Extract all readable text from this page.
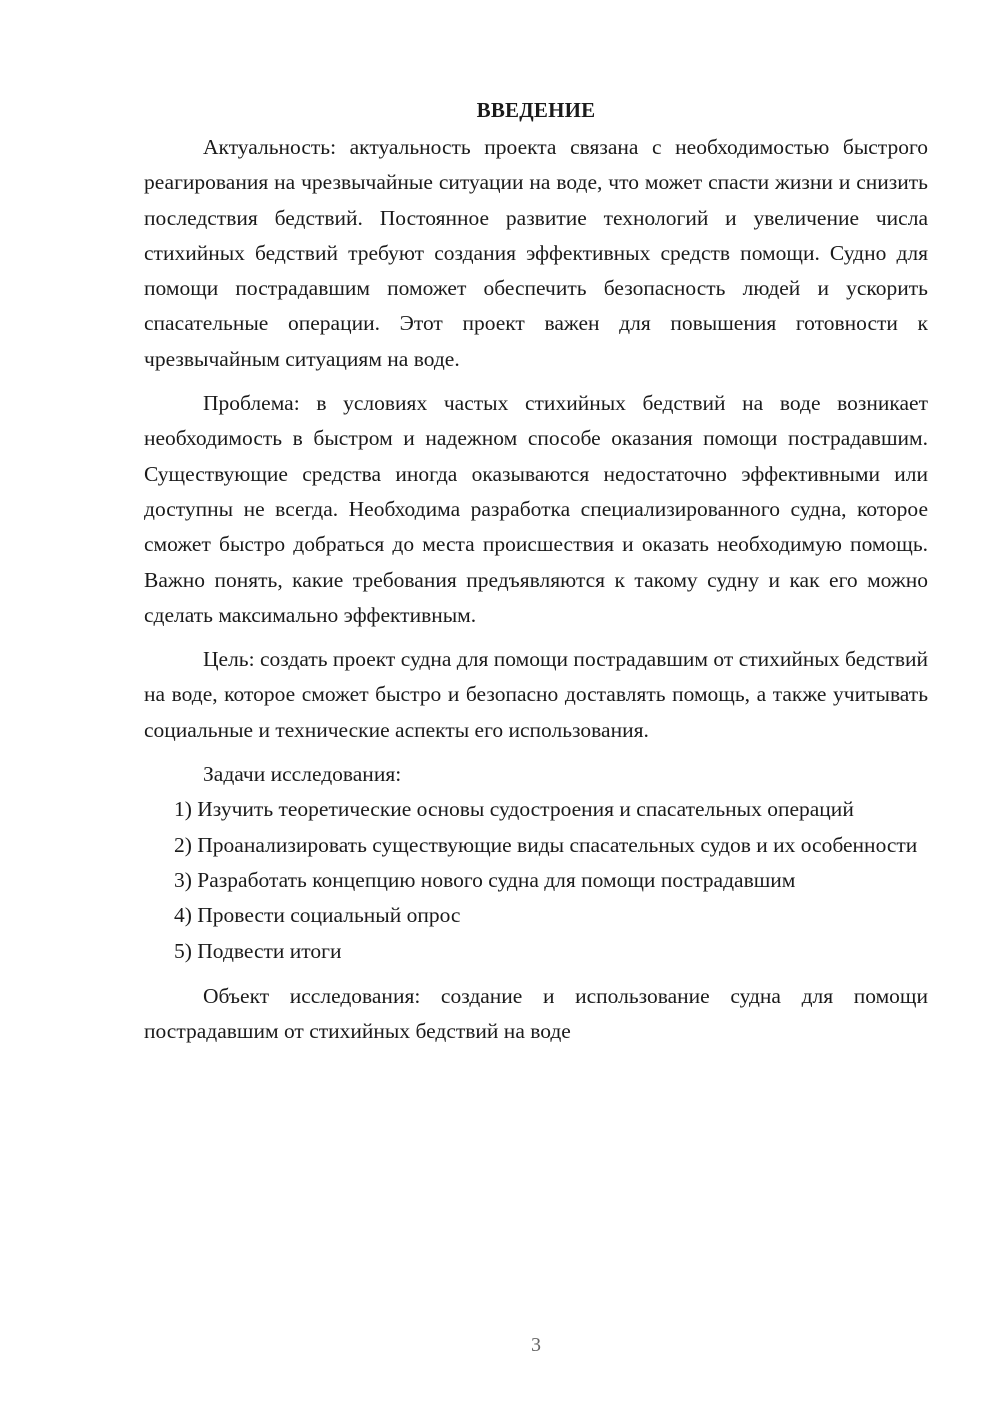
ВВЕДЕНИЕ

Актуальность: актуальность проекта связана с необходимостью быстрого реагирования на чрезвычайные ситуации на воде, что может спасти жизни и снизить последствия бедствий. Постоянное развитие технологий и увеличение числа стихийных бедствий требуют создания эффективных средств помощи. Судно для помощи пострадавшим поможет обеспечить безопасность людей и ускорить спасательные операции. Этот проект важен для повышения готовности к чрезвычайным ситуациям на воде.

Проблема: в условиях частых стихийных бедствий на воде возникает необходимость в быстром и надежном способе оказания помощи пострадавшим. Существующие средства иногда оказываются недостаточно эффективными или доступны не всегда. Необходима разработка специализированного судна, которое сможет быстро добраться до места происшествия и оказать необходимую помощь. Важно понять, какие требования предъявляются к такому судну и как его можно сделать максимально эффективным.

Цель: создать проект судна для помощи пострадавшим от стихийных бедствий на воде, которое сможет быстро и безопасно доставлять помощь, а также учитывать социальные и технические аспекты его использования.

Задачи исследования:

1) Изучить теоретические основы судостроения и спасательных операций

2) Проанализировать существующие виды спасательных судов и их особенности

3) Разработать концепцию нового судна для помощи пострадавшим

4) Провести социальный опрос

5) Подвести итоги

Объект исследования: создание и использование судна для помощи пострадавшим от стихийных бедствий на воде

3
